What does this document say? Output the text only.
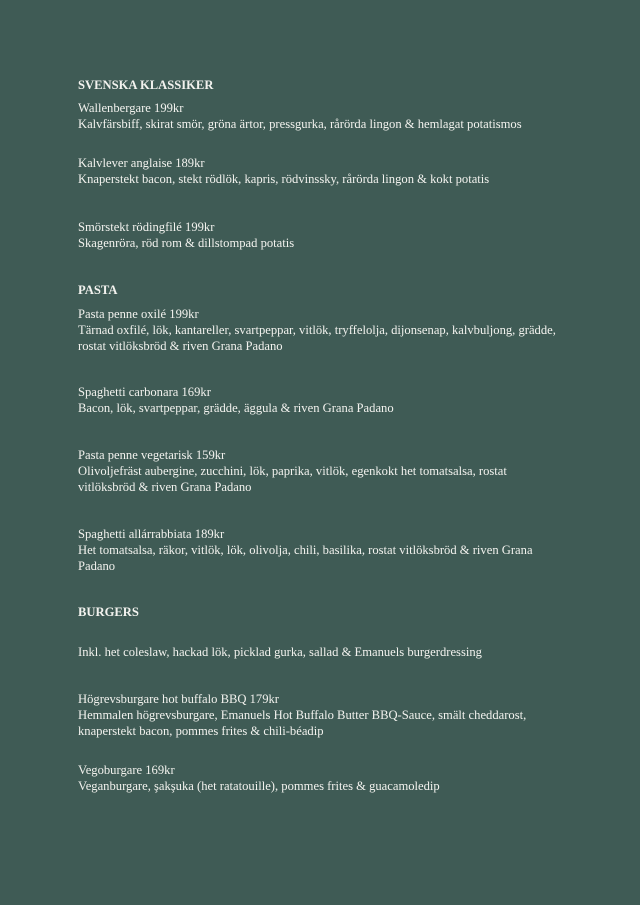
SVENSKA KLASSIKER
Wallenbergare 199kr
Kalvfärsbiff, skirat smör, gröna ärtor, pressgurka, rårörda lingon & hemlagat potatismos
Kalvlever anglaise 189kr
Knaperstekt bacon, stekt rödlök, kapris, rödvinssky, rårörda lingon & kokt potatis
Smörstekt rödingfilé 199kr
Skagenröra, röd rom & dillstompad potatis
PASTA
Pasta penne oxilé 199kr
Tärnad oxfilé, lök, kantareller, svartpeppar, vitlök, tryffelolja, dijonsenap, kalvbuljong, grädde, rostat vitlöksbröd & riven Grana Padano
Spaghetti carbonara 169kr
Bacon, lök, svartpeppar, grädde, äggula & riven Grana Padano
Pasta penne vegetarisk 159kr
Olivoljefräst aubergine, zucchini, lök, paprika, vitlök, egenkokt het tomatsalsa, rostat vitlöksbröd & riven Grana Padano
Spaghetti allárrabbiata 189kr
Het tomatsalsa, räkor, vitlök, lök, olivolja, chili, basilika, rostat vitlöksbröd & riven Grana Padano
BURGERS
Inkl. het coleslaw, hackad lök, picklad gurka, sallad & Emanuels burgerdressing
Högrevsburgare hot buffalo BBQ 179kr
Hemmalen högrevsburgare, Emanuels Hot Buffalo Butter BBQ-Sauce, smält cheddarost, knaperstekt bacon, pommes frites & chili-béadip
Vegoburgare 169kr
Veganburgare, şakşuka (het ratatouille), pommes frites & guacamoledip
